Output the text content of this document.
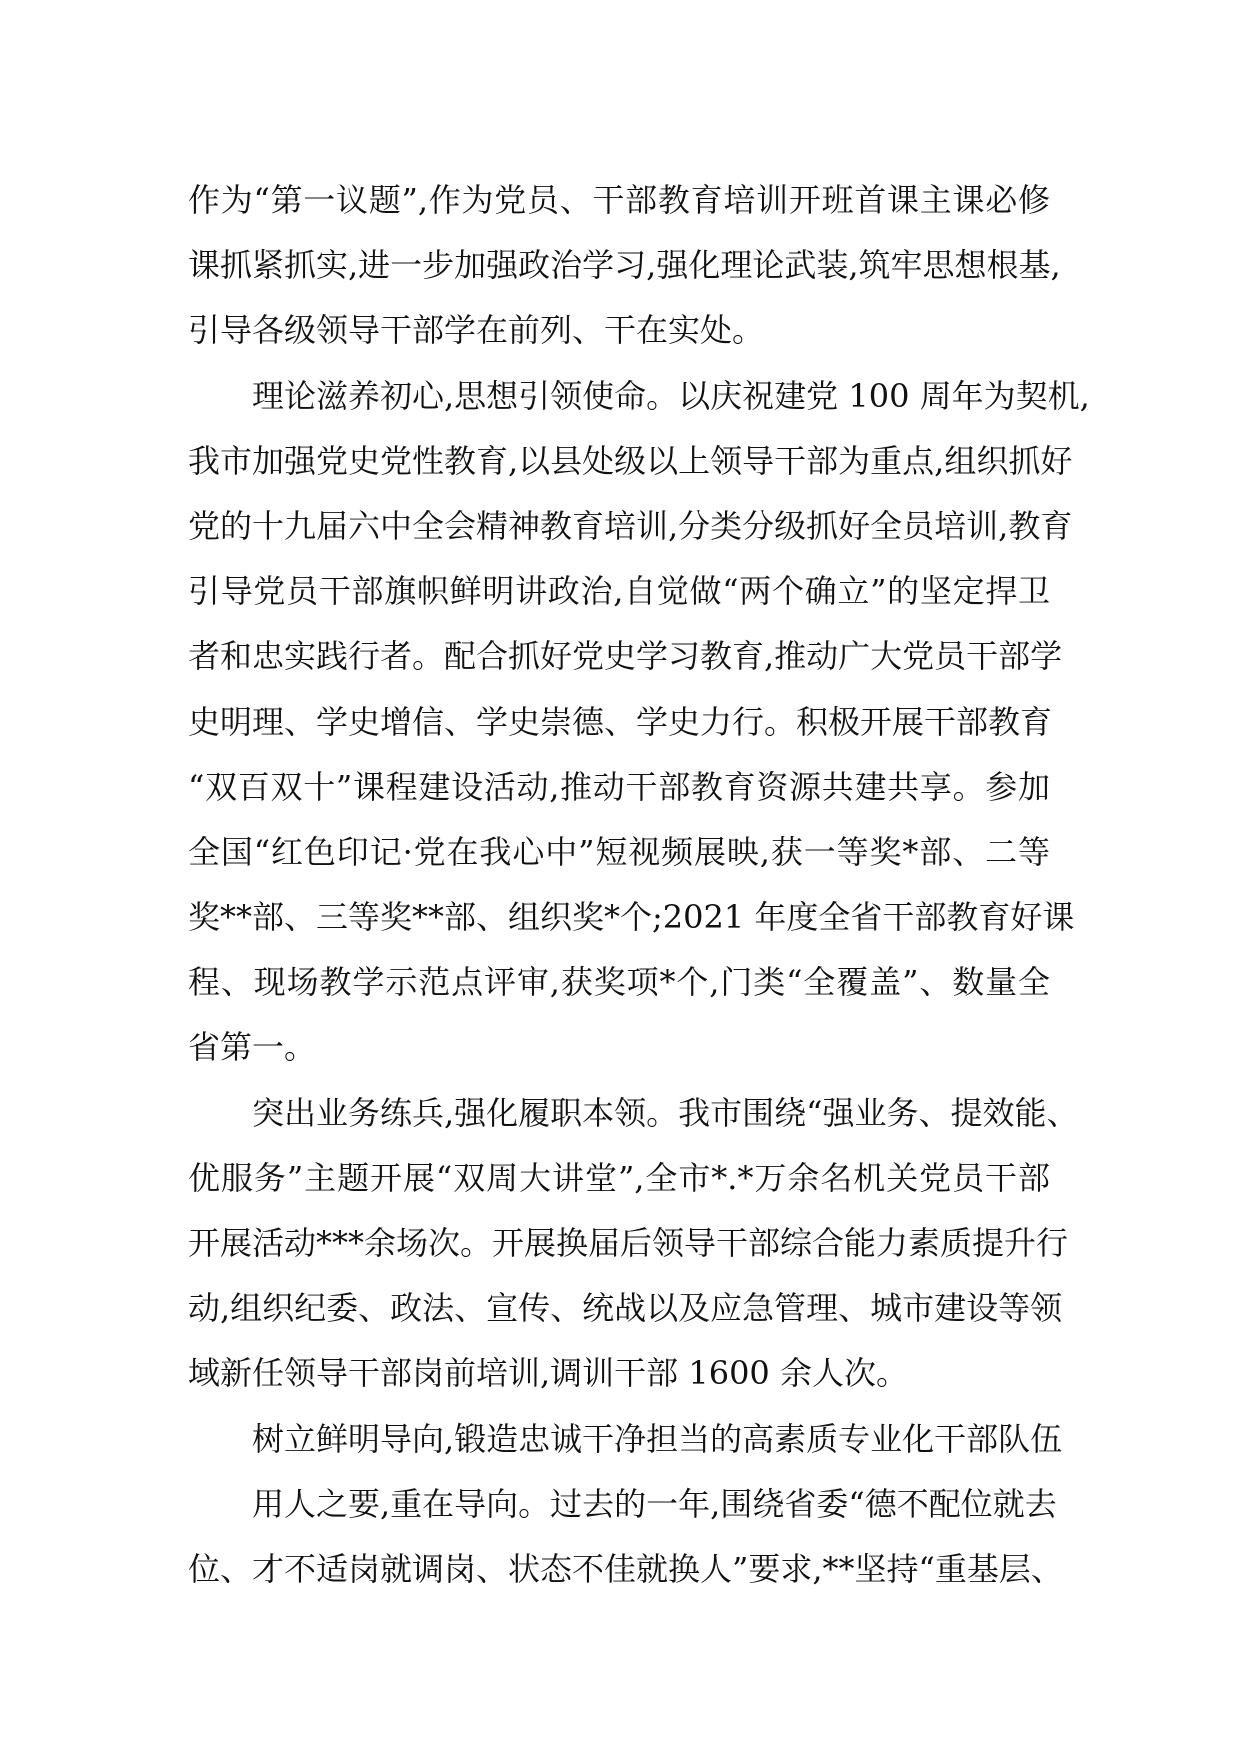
作为“第一议题”,作为党员、干部教育培训开班首课主课必修
课抓紧抓实,进一步加强政治学习,强化理论武装,筑牢思想根基,
引导各级领导干部学在前列、干在实处。
理论滋养初心,思想引领使命。以庆祝建党 100 周年为契机,
我市加强党史党性教育,以县处级以上领导干部为重点,组织抓好
党的十九届六中全会精神教育培训,分类分级抓好全员培训,教育
引导党员干部旗帜鲜明讲政治,自觉做“两个确立”的坚定捍卫
者和忠实践行者。配合抓好党史学习教育,推动广大党员干部学
史明理、学史增信、学史崇德、学史力行。积极开展干部教育
“双百双十”课程建设活动,推动干部教育资源共建共享。参加
全国“红色印记·党在我心中”短视频展映,获一等奖*部、二等
奖**部、三等奖**部、组织奖*个;2021 年度全省干部教育好课
程、现场教学示范点评审,获奖项*个,门类“全覆盖”、数量全
省第一。
突出业务练兵,强化履职本领。我市围绕“强业务、提效能、
优服务”主题开展“双周大讲堂”,全市*.*万余名机关党员干部
开展活动***余场次。开展换届后领导干部综合能力素质提升行
动,组织纪委、政法、宣传、统战以及应急管理、城市建设等领
域新任领导干部岗前培训,调训干部 1600 余人次。
树立鲜明导向,锻造忠诚干净担当的高素质专业化干部队伍
用人之要,重在导向。过去的一年,围绕省委“德不配位就去
位、才不适岗就调岗、状态不佳就换人”要求,**坚持“重基层、
